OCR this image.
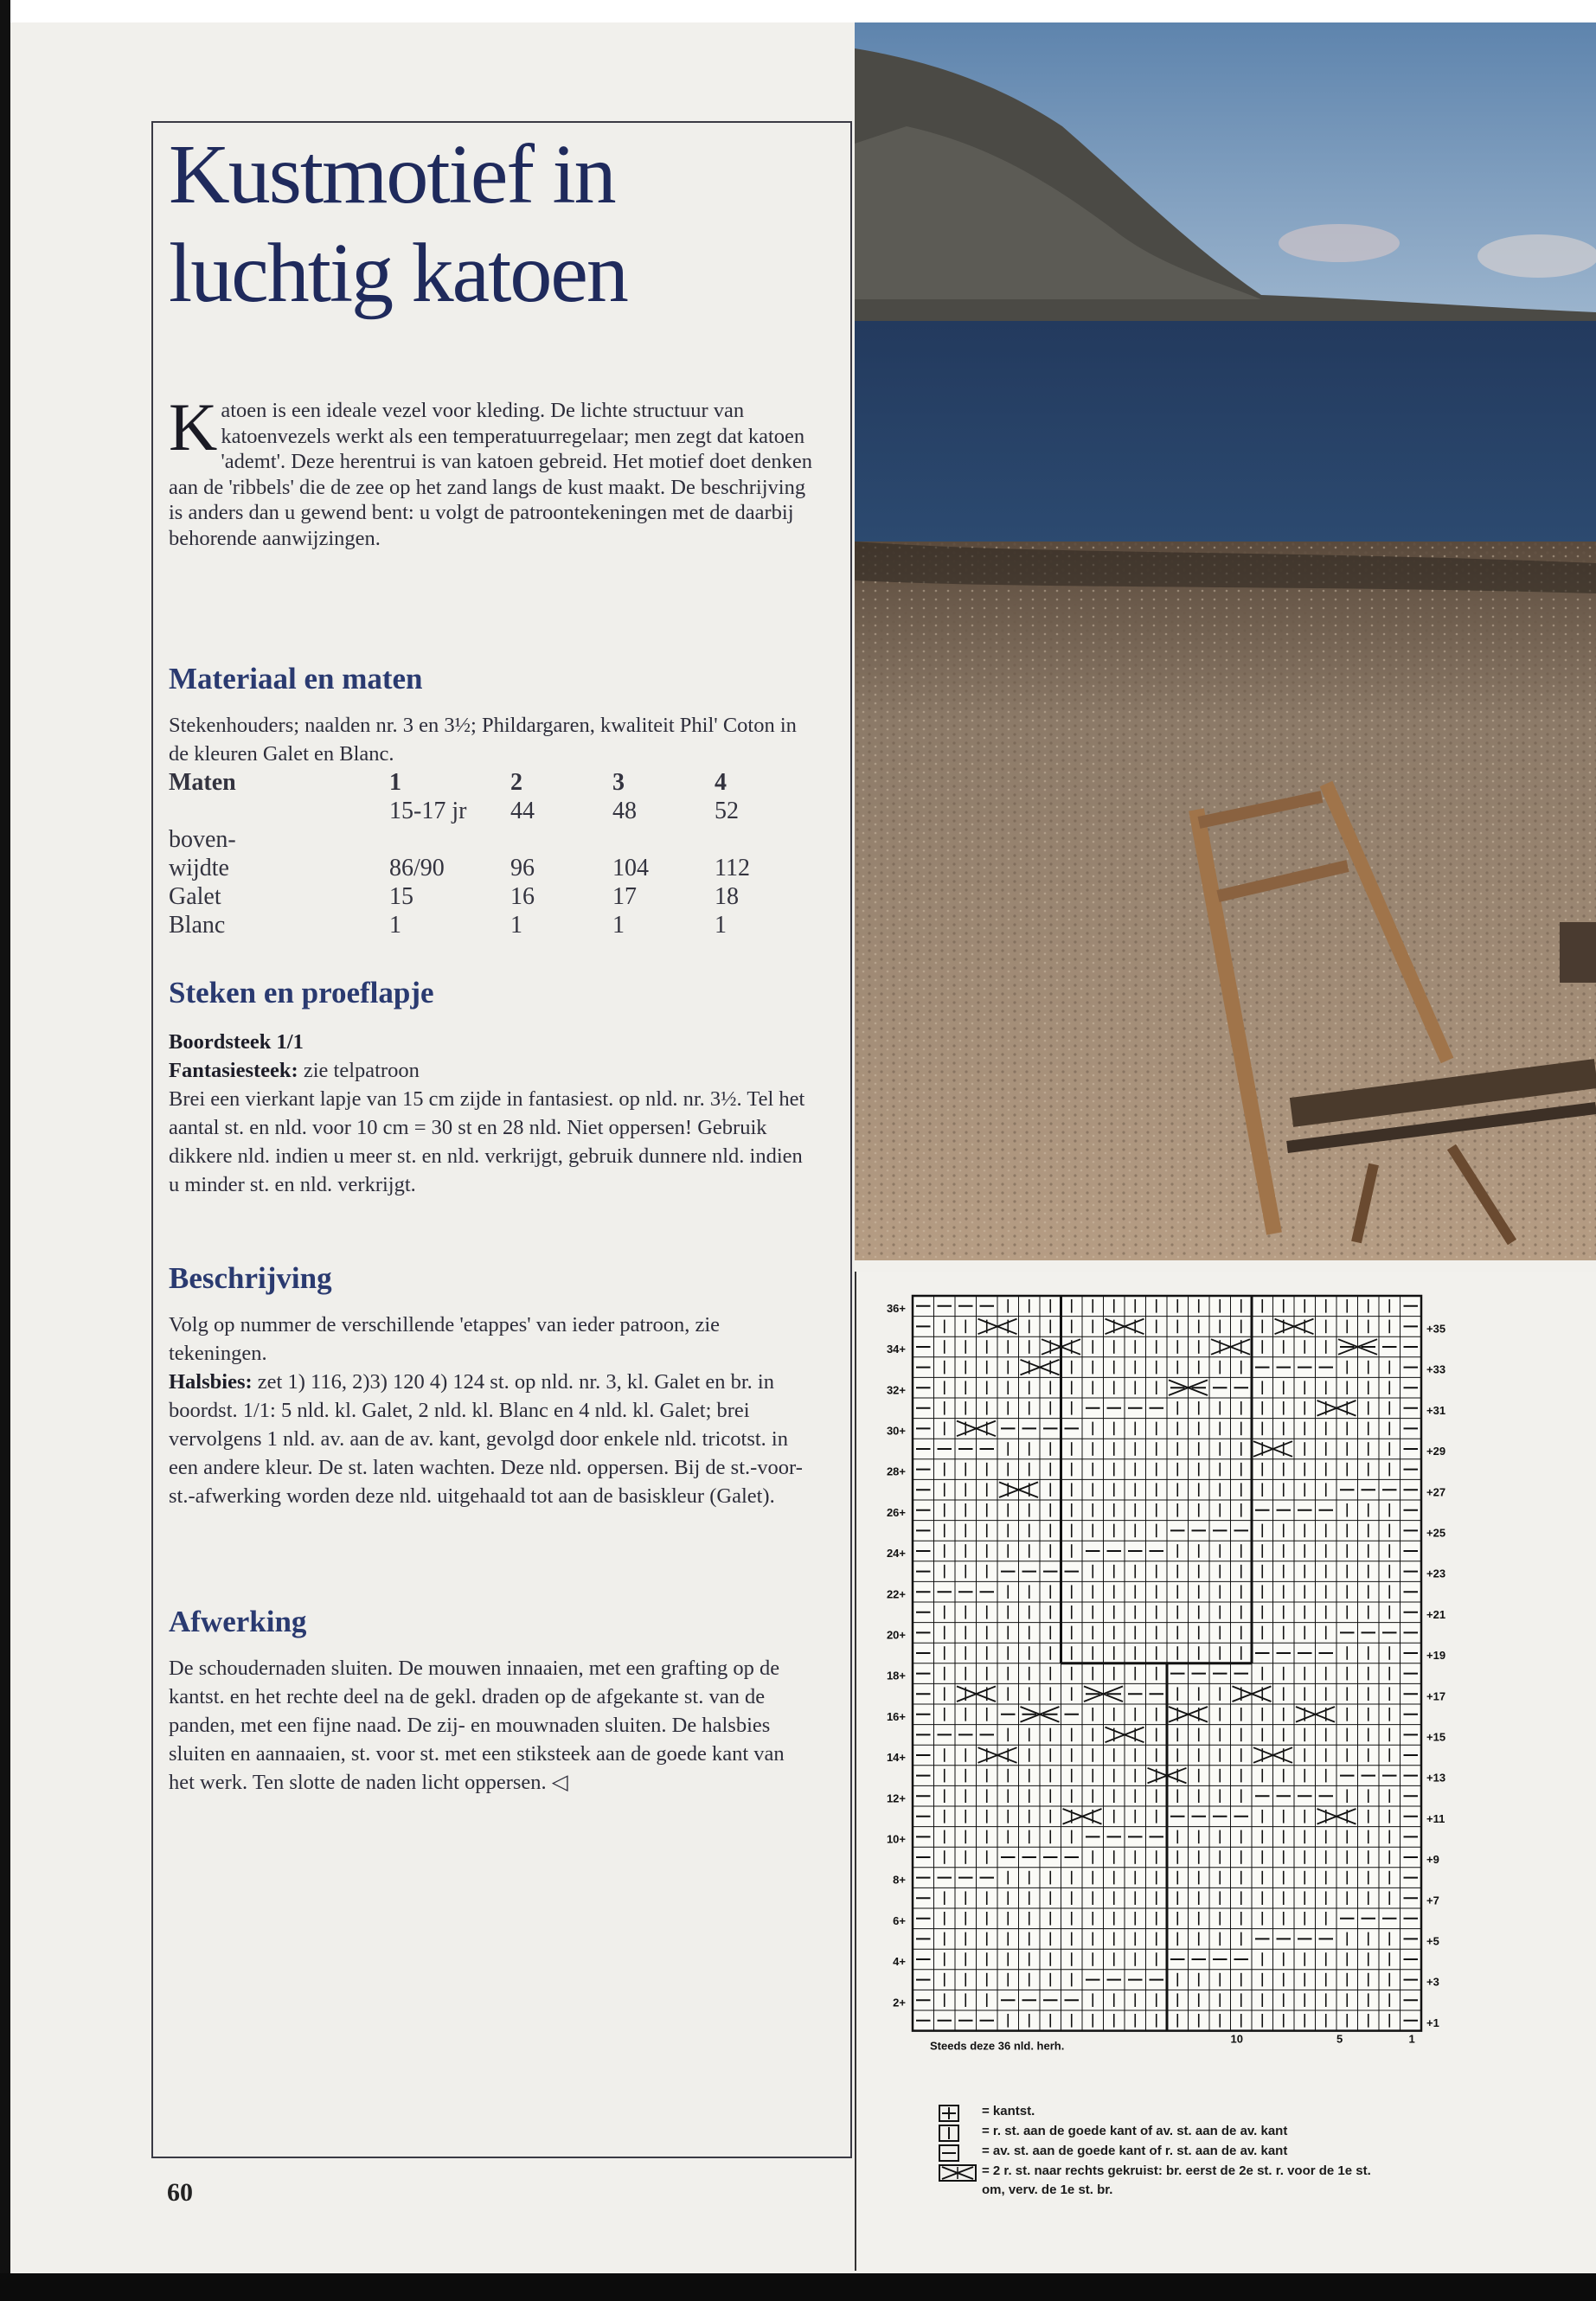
Kustmotief in
luchtig katoen

Katoen is een ideale vezel voor kleding. De lichte structuur van katoenvezels werkt als een temperatuurregelaar; men zegt dat katoen 'ademt'. Deze herentrui is van katoen gebreid. Het motief doet denken aan de 'ribbels' die de zee op het zand langs de kust maakt. De beschrijving is anders dan u gewend bent: u volgt de patroontekeningen met de daarbij behorende aanwijzingen.

Materiaal en maten

Stekenhouders; naalden nr. 3 en 3½; Phildargaren, kwaliteit Phil' Coton in de kleuren Galet en Blanc.

Maten	1	2	3	4
	15-17 jr	44	48	52
boven-				
wijdte	86/90	96	104	112
Galet	15	16	17	18
Blanc	1	1	1	1
Steken en proeflapje
Boordsteek 1/1
Fantasiesteek: zie telpatroon
Brei een vierkant lapje van 15 cm zijde in fantasiest. op nld. nr. 3½. Tel het aantal st. en nld. voor 10 cm = 30 st en 28 nld. Niet oppersen! Gebruik dikkere nld. indien u meer st. en nld. verkrijgt, gebruik dunnere nld. indien u minder st. en nld. verkrijgt.
Beschrijving
Volg op nummer de verschillende 'etappes' van ieder patroon, zie tekeningen.
Halsbies: zet 1) 116, 2)3) 120 4) 124 st. op nld. nr. 3, kl. Galet en br. in boordst. 1/1: 5 nld. kl. Galet, 2 nld. kl. Blanc en 4 nld. kl. Galet; brei vervolgens 1 nld. av. aan de av. kant, gevolgd door enkele nld. tricotst. in een andere kleur. De st. laten wachten. Deze nld. oppersen. Bij de st.-voor-st.-afwerking worden deze nld. uitgehaald tot aan de basiskleur (Galet).
Afwerking

De schoudernaden sluiten. De mouwen innaaien, met een grafting op de kantst. en het rechte deel na de gekl. draden op de afgekante st. van de panden, met een fijne naad. De zij- en mouwnaden sluiten. De halsbies sluiten en aannaaien, st. voor st. met een stiksteek aan de goede kant van het werk. Ten slotte de naden licht oppersen. ◁

60
36+
34+
32+
30+
28+
26+
24+
22+
20+
18+
16+
14+
12+
10+
8+
6+
4+
2+
+35
+33
+31
+29
+27
+25
+23
+21
+19
+17
+15
+13
+11
+9
+7
+5
+3
+1
Steeds deze 36 nld. herh.
10	5	1
= kantst.
= r. st. aan de goede kant of av. st. aan de av. kant
= av. st. aan de goede kant of r. st. aan de av. kant
= 2 r. st. naar rechts gekruist: br. eerst de 2e st. r. voor de 1e st. om, verv. de 1e st. br.
